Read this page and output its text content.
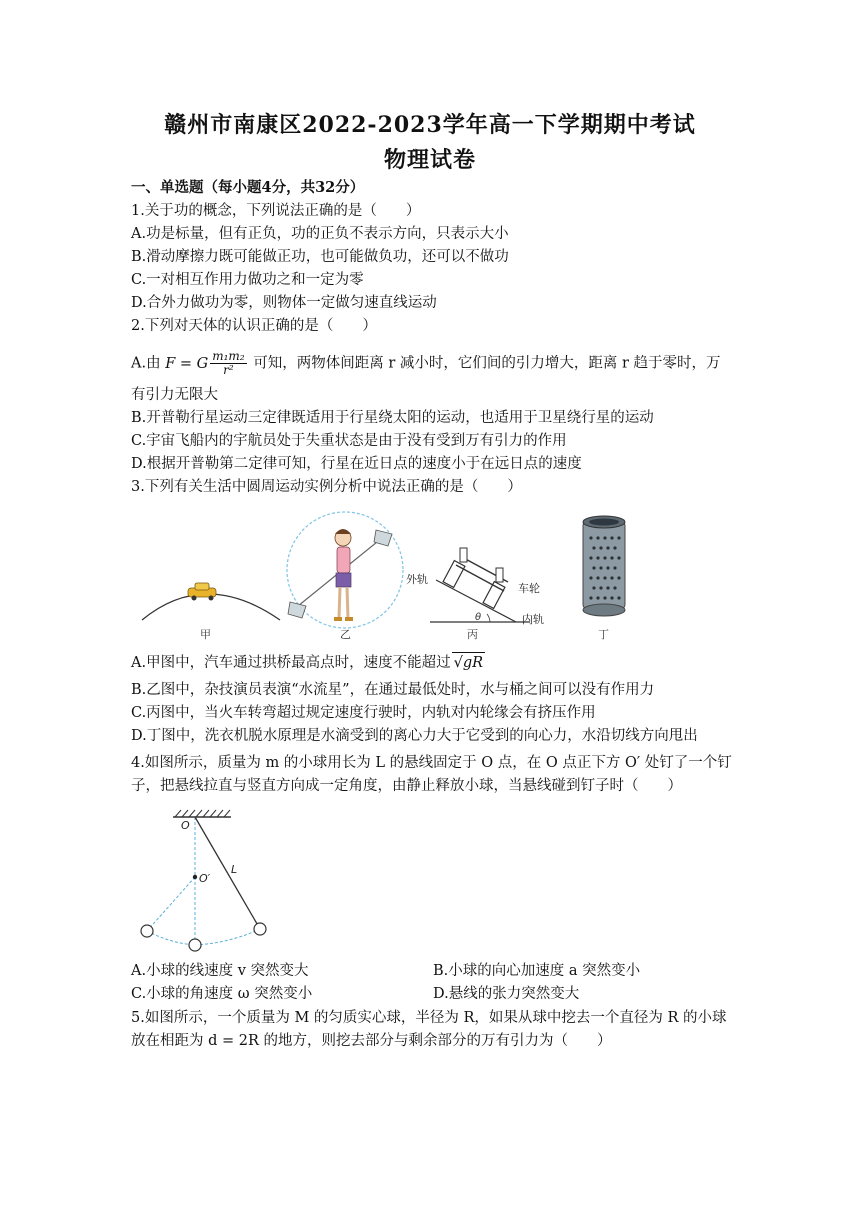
赣州市南康区2022-2023学年高一下学期期中考试
物理试卷
一、单选题（每小题4分，共32分）
1.关于功的概念，下列说法正确的是（　　）
A.功是标量，但有正负，功的正负不表示方向，只表示大小
B.滑动摩擦力既可能做正功，也可能做负功，还可以不做功
C.一对相互作用力做功之和一定为零
D.合外力做功为零，则物体一定做匀速直线运动
2.下列对天体的认识正确的是（　　）
A.由 F = G $\frac{\text{m₁m₂}}{\text{r²}}$ 可知，两物体间距离 r 减小时，它们间的引力增大，距离 r 趋于零时，万
有引力无限大
B.开普勒行星运动三定律既适用于行星绕太阳的运动，也适用于卫星绕行星的运动
C.宇宙飞船内的宇航员处于失重状态是由于没有受到万有引力的作用
D.根据开普勒第二定律可知，行星在近日点的速度小于在远日点的速度
3.下列有关生活中圆周运动实例分析中说法正确的是（　　）
甲	乙
θ
外轨
车轮
内轨
丙	丁
A.甲图中，汽车通过拱桥最高点时，速度不能超过 √gR
B.乙图中，杂技演员表演“水流星”，在通过最低处时，水与桶之间可以没有作用力
C.丙图中，当火车转弯超过规定速度行驶时，内轨对内轮缘会有挤压作用
D.丁图中，洗衣机脱水原理是水滴受到的离心力大于它受到的向心力，水沿切线方向甩出
4.如图所示，质量为 m 的小球用长为 L 的悬线固定于 O 点，在 O 点正下方 O′ 处钉了一个钉
子，把悬线拉直与竖直方向成一定角度，由静止释放小球，当悬线碰到钉子时（　　）
O
O′
L
A.小球的线速度 v 突然变大	B.小球的向心加速度 a 突然变小
C.小球的角速度 ω 突然变小	D.悬线的张力突然变大
5.如图所示，一个质量为 M 的匀质实心球，半径为 R，如果从球中挖去一个直径为 R 的小球
放在相距为 d = 2R 的地方，则挖去部分与剩余部分的万有引力为（　　）
